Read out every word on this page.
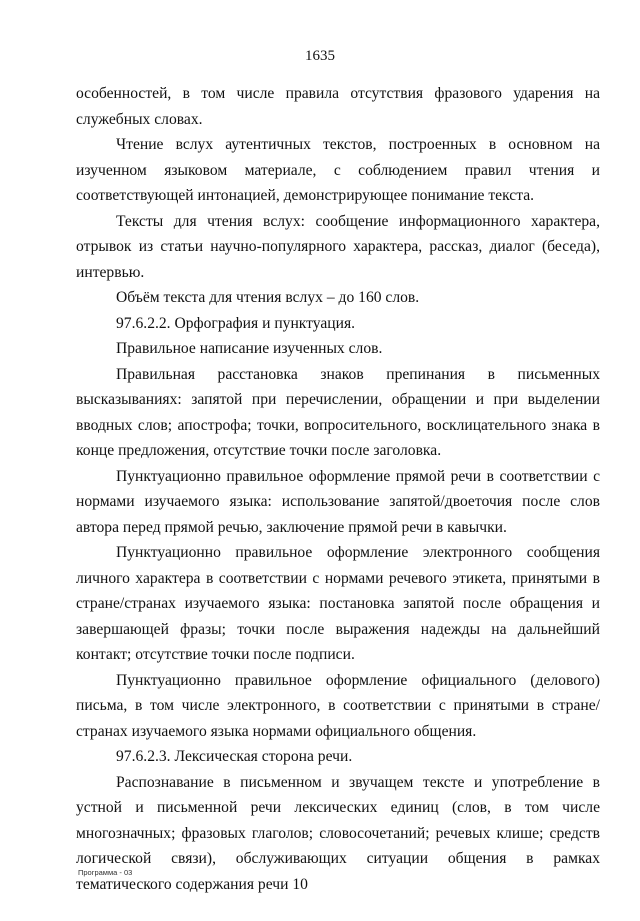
1635

особенностей, в том числе правила отсутствия фразового ударения на служебных словах.

Чтение вслух аутентичных текстов, построенных в основном на изученном языковом материале, с соблюдением правил чтения и соответствующей интонацией, демонстрирующее понимание текста.

Тексты для чтения вслух: сообщение информационного характера, отрывок из статьи научно-популярного характера, рассказ, диалог (беседа), интервью.

Объём текста для чтения вслух – до 160 слов.

97.6.2.2. Орфография и пунктуация.

Правильное написание изученных слов.

Правильная расстановка знаков препинания в письменных высказываниях: запятой при перечислении, обращении и при выделении вводных слов; апострофа; точки, вопросительного, восклицательного знака в конце предложения, отсутствие точки после заголовка.

Пунктуационно правильное оформление прямой речи в соответствии с нормами изучаемого языка: использование запятой/двоеточия после слов автора перед прямой речью, заключение прямой речи в кавычки.

Пунктуационно правильное оформление электронного сообщения личного характера в соответствии с нормами речевого этикета, принятыми в стране/странах изучаемого языка: постановка запятой после обращения и завершающей фразы; точки после выражения надежды на дальнейший контакт; отсутствие точки после подписи.

Пунктуационно правильное оформление официального (делового) письма, в том числе электронного, в соответствии с принятыми в стране/странах изучаемого языка нормами официального общения.

97.6.2.3. Лексическая сторона речи.

Распознавание в письменном и звучащем тексте и употребление в устной и письменной речи лексических единиц (слов, в том числе многозначных; фразовых глаголов; словосочетаний; речевых клише; средств логической связи), обслуживающих ситуации общения в рамках тематического содержания речи 10

Программа - 03
